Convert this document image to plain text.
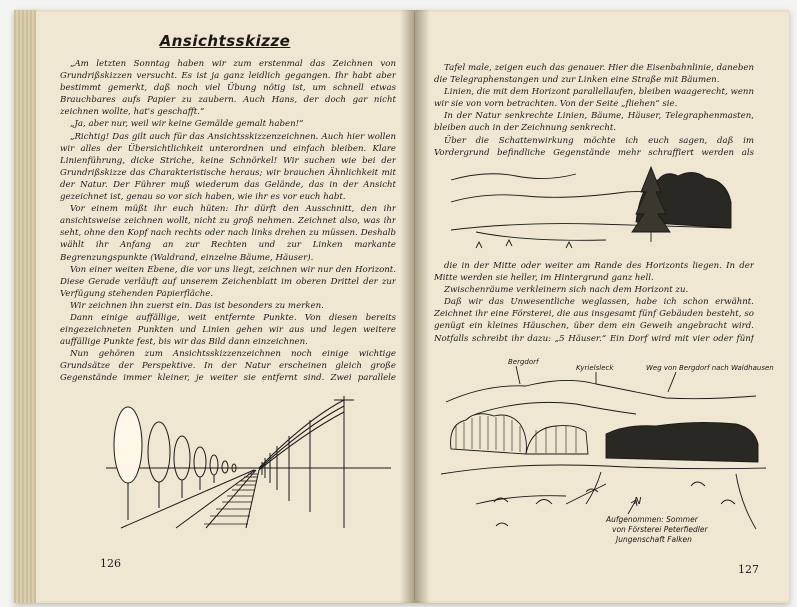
Ansichtsskizze

„Am letzten Sonntag haben wir zum erstenmal das Zeichnen von Grundrißskizzen versucht. Es ist ja ganz leidlich gegangen. Ihr habt aber bestimmt gemerkt, daß noch viel Übung nötig ist, um schnell etwas Brauchbares aufs Papier zu zaubern. Auch Hans, der doch gar nicht zeichnen wollte, hat's geschafft.“

„Ja, aber nur, weil wir keine Gemälde gemalt haben!“

„Richtig! Das gilt auch für das Ansichtsskizzenzeichnen. Auch hier wollen wir alles der Übersichtlichkeit unterordnen und einfach bleiben. Klare Linienführung, dicke Striche, keine Schnörkel! Wir suchen wie bei der Grundrißskizze das Charakteristische heraus; wir brauchen Ähnlichkeit mit der Natur. Der Führer muß wiederum das Gelände, das in der Ansicht gezeichnet ist, genau so vor sich haben, wie ihr es vor euch habt.

Vor einem müßt ihr euch hüten: Ihr dürft den Ausschnitt, den ihr ansichtsweise zeichnen wollt, nicht zu groß nehmen. Zeichnet also, was ihr seht, ohne den Kopf nach rechts oder nach links drehen zu müssen. Deshalb wählt ihr Anfang an zur Rechten und zur Linken markante Begrenzungspunkte (Waldrand, einzelne Bäume, Häuser).

Von einer weiten Ebene, die vor uns liegt, zeichnen wir nur den Horizont. Diese Gerade verläuft auf unserem Zeichenblatt im oberen Drittel der zur Verfügung stehenden Papierfläche.

Wir zeichnen ihn zuerst ein. Das ist besonders zu merken.

Dann einige auffällige, weit entfernte Punkte. Von diesen bereits eingezeichneten Punkten und Linien gehen wir aus und legen weitere auffällige Punkte fest, bis wir das Bild dann einzeichnen.

Nun gehören zum Ansichtsskizzenzeichnen noch einige wichtige Grundsätze der Perspektive. In der Natur erscheinen gleich große Gegenstände immer kleiner, je weiter sie entfernt sind. Zwei parallele

126

Tafel male, zeigen euch das genauer. Hier die Eisenbahnlinie, daneben die Telegraphenstangen und zur Linken eine Straße mit Bäumen.

Linien, die mit dem Horizont parallellaufen, bleiben waagerecht, wenn wir sie von vorn betrachten. Von der Seite „fliehen“ sie.

In der Natur senkrechte Linien, Bäume, Häuser, Telegraphenmasten, bleiben auch in der Zeichnung senkrecht.

Über die Schattenwirkung möchte ich euch sagen, daß im Vordergrund befindliche Gegenstände mehr schraffiert werden als

die in der Mitte oder weiter am Rande des Horizonts liegen. In der Mitte werden sie heller, im Hintergrund ganz hell.

Zwischenräume verkleinern sich nach dem Horizont zu.

Daß wir das Unwesentliche weglassen, habe ich schon erwähnt. Zeichnet ihr eine Försterei, die aus insgesamt fünf Gebäuden besteht, so genügt ein kleines Häuschen, über dem ein Geweih angebracht wird. Notfalls schreibt ihr dazu: „5 Häuser.“ Ein Dorf wird mit vier oder fünf

Bergdorf
Kyrielsleck	Weg von Bergdorf nach Waldhausen
N
Aufgenommen: Sommer
von Försterei Peterfiedler
Jungenschaft Falken
127
